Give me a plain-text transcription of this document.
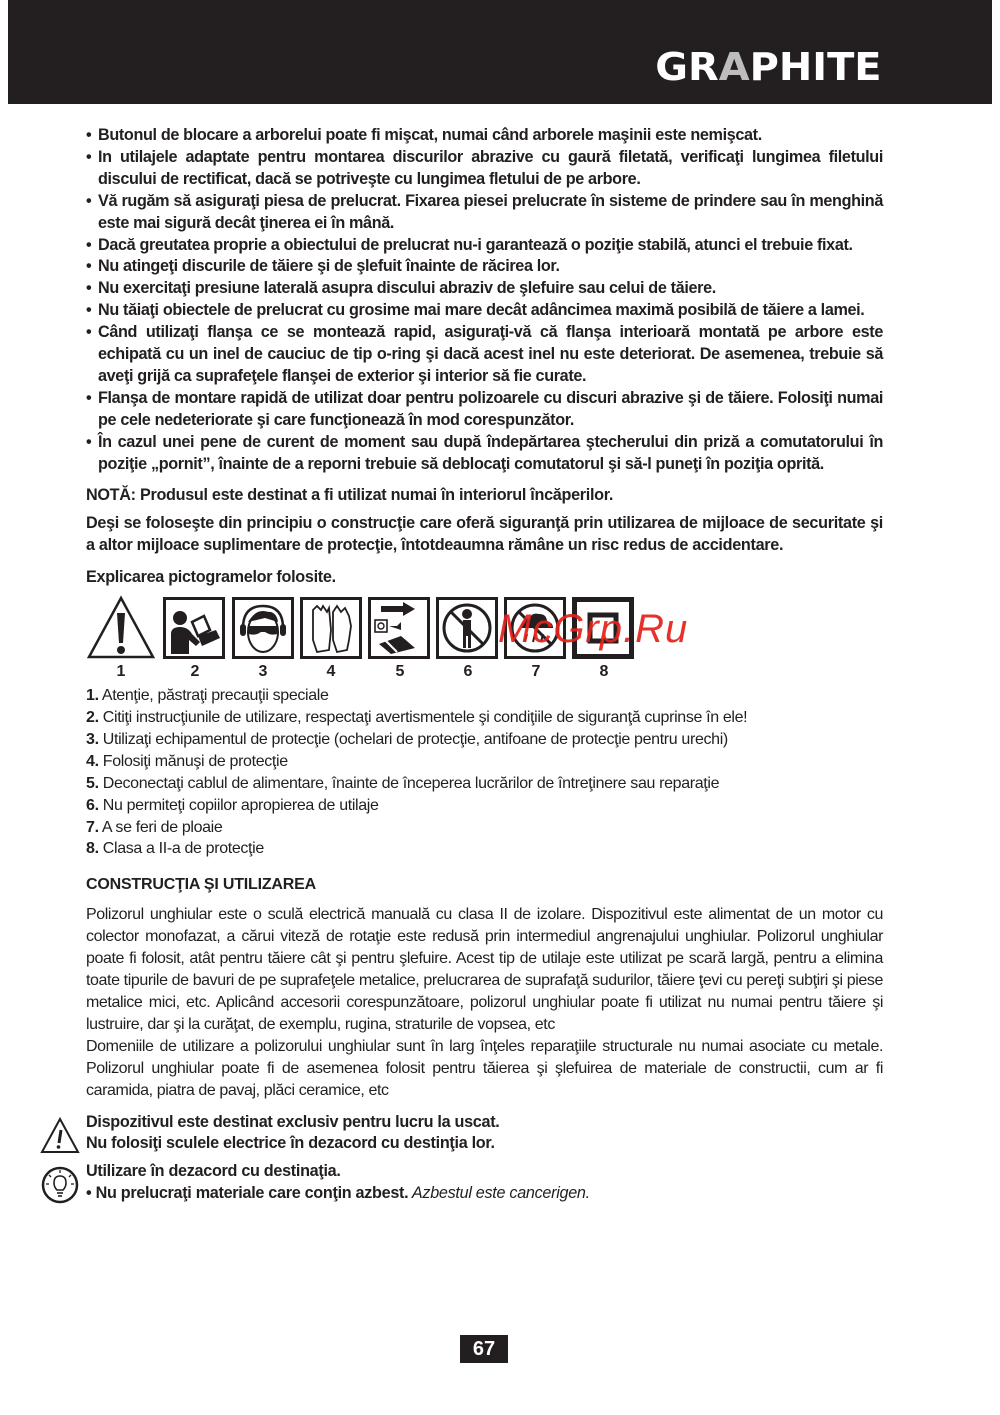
GRAPHITE
• Butonul de blocare a arborelui poate fi mişcat, numai când arborele maşinii este nemişcat.
• In utilajele adaptate pentru montarea discurilor abrazive cu gaură filetată, verificaţi lungimea filetului discului de rectificat, dacă se potriveşte cu lungimea fletului de pe arbore.
• Vă rugăm să asiguraţi piesa de prelucrat. Fixarea piesei prelucrate în sisteme de prindere sau în menghină este mai sigură decât ţinerea ei în mână.
• Dacă greutatea proprie a obiectului de prelucrat nu-i garantează o poziţie stabilă, atunci el trebuie fixat.
• Nu atingeţi discurile de tăiere şi de şlefuit înainte de răcirea lor.
• Nu exercitaţi presiune laterală asupra discului abraziv de şlefuire sau celui de tăiere.
• Nu tăiaţi obiectele de prelucrat cu grosime mai mare decât adâncimea maximă posibilă de tăiere a lamei.
• Când utilizaţi flanşa ce se montează rapid, asiguraţi-vă că flanşa interioară montată pe arbore este echipată cu un inel de cauciuc de tip o-ring şi dacă acest inel nu este deteriorat. De asemenea, trebuie să aveţi grijă ca suprafeţele flanşei de exterior şi interior să fie curate.
• Flanşa de montare rapidă de utilizat doar pentru polizoarele cu discuri abrazive şi de tăiere. Folosiţi numai pe cele nedeteriorate şi care funcţionează în mod corespunzător.
• În cazul unei pene de curent de moment sau după îndepărtarea ştecherului din priză a comutatorului în poziţie „pornit”, înainte de a reporni trebuie să deblocaţi comutatorul şi să-l puneţi în poziţia oprită.
NOTĂ: Produsul este destinat a fi utilizat numai în interiorul încăperilor.
Deşi se foloseşte din principiu o construcţie care oferă siguranţă prin utilizarea de mijloace de securitate şi a altor mijloace suplimentare de protecţie, întotdeaumna rămâne un risc redus de accidentare.
Explicarea pictogramelor folosite.
McGrp.Ru
1	2	3	4	5	6	7	8
1. Atenţie, păstraţi precauţii speciale
2. Citiţi instrucţiunile de utilizare, respectaţi avertismentele şi condiţiile de siguranţă cuprinse în ele!
3. Utilizaţi echipamentul de protecţie (ochelari de protecţie, antifoane de protecţie pentru urechi)
4. Folosiţi mănuşi de protecţie
5. Deconectaţi cablul de alimentare, înainte de începerea lucrărilor de întreţinere sau reparaţie
6. Nu permiteţi copiilor apropierea de utilaje
7. A se feri de ploaie
8. Clasa a II-a de protecţie
CONSTRUCŢIA ŞI UTILIZAREA

Polizorul unghiular este o sculă electrică manuală cu clasa II de izolare. Dispozitivul este alimentat de un motor cu colector monofazat, a cărui viteză de rotaţie este redusă prin intermediul angrenajului unghiular. Polizorul unghiular poate fi folosit, atât pentru tăiere cât şi pentru şlefuire. Acest tip de utilaje este utilizat pe scară largă, pentru a elimina toate tipurile de bavuri de pe suprafeţele metalice, prelucrarea de suprafaţă sudurilor, tăiere ţevi cu pereţi subţiri şi piese metalice mici, etc. Aplicând accesorii corespunzătoare, polizorul unghiular poate fi utilizat nu numai pentru tăiere şi lustruire, dar şi la curăţat, de exemplu, rugina, straturile de vopsea, etc

Domeniile de utilizare a polizorului unghiular sunt în larg înţeles reparaţiile structurale nu numai asociate cu metale. Polizorul unghiular poate fi de asemenea folosit pentru tăierea şi şlefuirea de materiale de constructii, cum ar fi caramida, piatra de pavaj, plăci ceramice, etc

Dispozitivul este destinat exclusiv pentru lucru la uscat.
Nu folosiţi sculele electrice în dezacord cu destinţia lor.
Utilizare în dezacord cu destinaţia.
• Nu prelucraţi materiale care conţin azbest. Azbestul este cancerigen.
67
